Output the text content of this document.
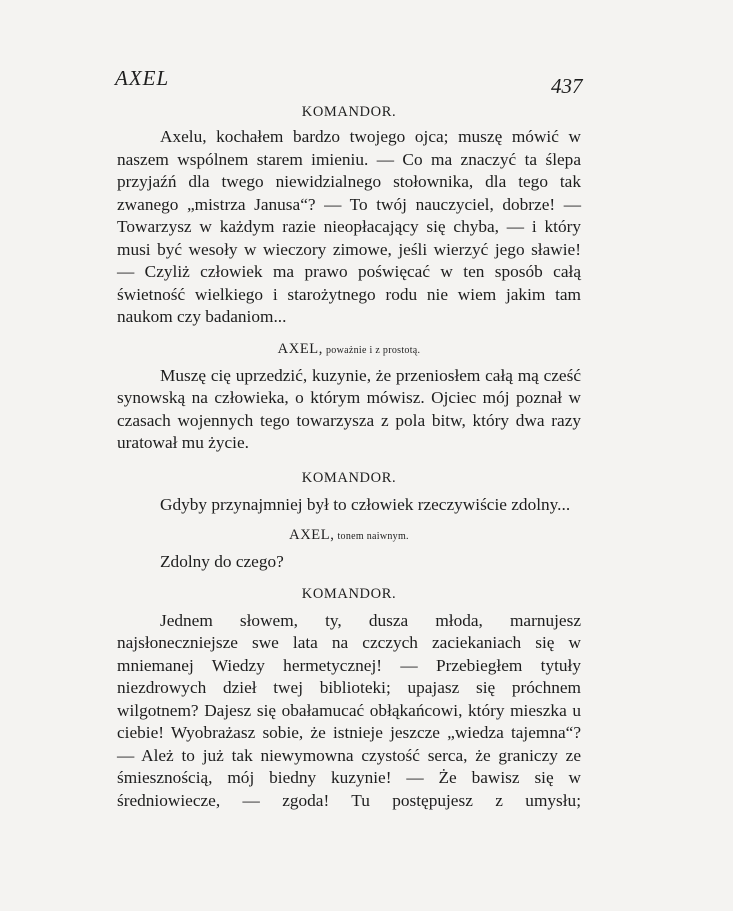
AXEL	437

KOMANDOR.

Axelu, kochałem bardzo twojego ojca; muszę mówić w naszem wspólnem starem imieniu. — Co ma znaczyć ta ślepa przyjaźń dla twego niewidzialnego stołownika, dla tego tak zwanego „mistrza Janusa“? — To twój nauczyciel, dobrze! — Towarzysz w każdym razie nieopłacający się chyba, — i który musi być wesoły w wieczory zimowe, jeśli wierzyć jego sławie! — Czyliż człowiek ma prawo poświęcać w ten sposób całą świetność wielkiego i starożytnego rodu nie wiem jakim tam naukom czy badaniom...

AXEL, poważnie i z prostotą.

Muszę cię uprzedzić, kuzynie, że przeniosłem całą mą cześć synowską na człowieka, o którym mówisz. Ojciec mój poznał w czasach wojennych tego towarzysza z pola bitw, który dwa razy uratował mu życie.

KOMANDOR.

Gdyby przynajmniej był to człowiek rzeczywiście zdolny...

AXEL, tonem naiwnym.

Zdolny do czego?

KOMANDOR.

Jednem słowem, ty, dusza młoda, marnujesz najsłoneczniejsze swe lata na czczych zaciekaniach się w mniemanej Wiedzy hermetycznej! — Przebiegłem tytuły niezdrowych dzieł twej biblioteki; upajasz się próchnem wilgotnem? Dajesz się obałamucać obłąkańcowi, który mieszka u ciebie! Wyobrażasz sobie, że istnieje jeszcze „wiedza tajemna“? — Ależ to już tak niewymowna czystość serca, że graniczy ze śmiesznością, mój biedny kuzynie! — Że bawisz się w średniowiecze, — zgoda! Tu postępujesz z umysłu;
